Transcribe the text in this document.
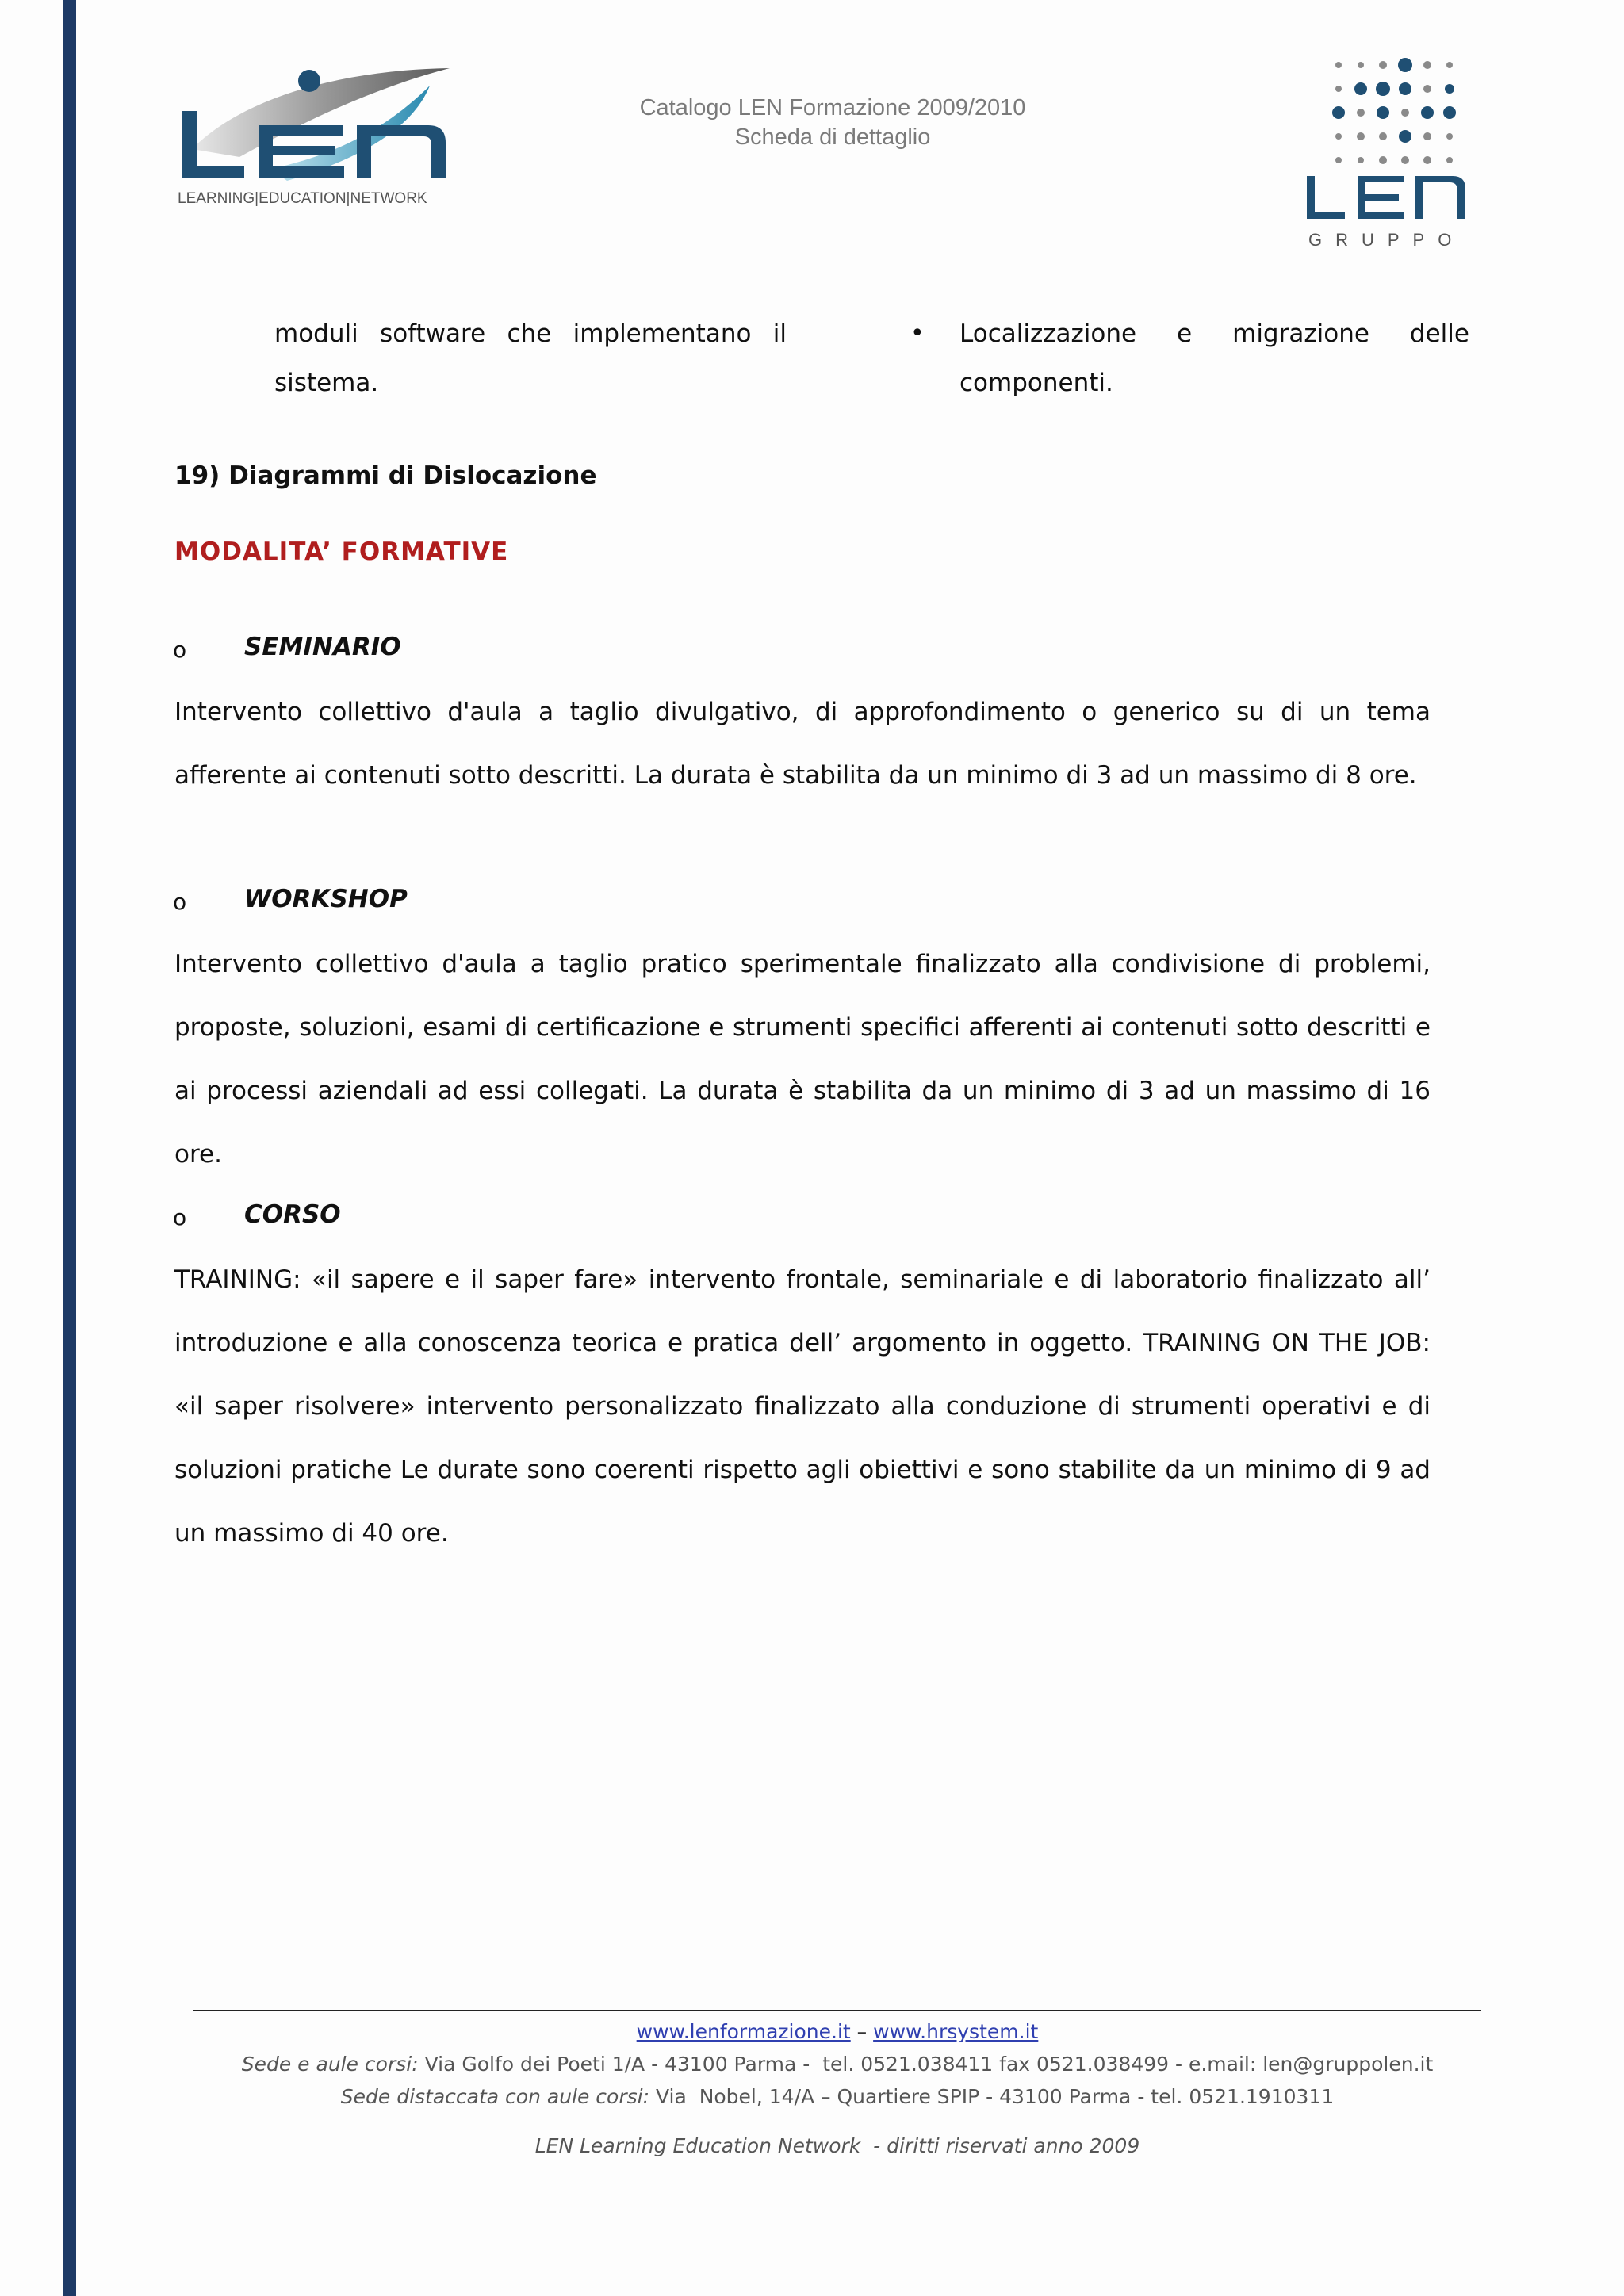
LEARNING|EDUCATION|NETWORK
Catalogo LEN Formazione 2009/2010
Scheda di dettaglio
GRUPPO
moduli software che implementano il sistema.
• Localizzazione e migrazione delle
componenti.
19) Diagrammi di Dislocazione
MODALITA’ FORMATIVE
o SEMINARIO
Intervento collettivo d'aula a taglio divulgativo, di approfondimento o generico su di un tema afferente ai contenuti sotto descritti. La durata è stabilita da un minimo di 3 ad un massimo di 8 ore.
o WORKSHOP
Intervento collettivo d'aula a taglio pratico sperimentale finalizzato alla condivisione di problemi, proposte, soluzioni, esami di certificazione e strumenti specifici afferenti ai contenuti sotto descritti e ai processi aziendali ad essi collegati. La durata è stabilita da un minimo di 3 ad un massimo di 16 ore.
o CORSO
TRAINING: «il sapere e il saper fare» intervento frontale, seminariale e di laboratorio finalizzato all’ introduzione e alla conoscenza teorica e pratica dell’ argomento in oggetto. TRAINING ON THE JOB: «il saper risolvere» intervento personalizzato finalizzato alla conduzione di strumenti operativi e di soluzioni pratiche Le durate sono coerenti rispetto agli obiettivi e sono stabilite da un minimo di 9 ad un massimo di 40 ore.
www.lenformazione.it – www.hrsystem.it
Sede e aule corsi: Via Golfo dei Poeti 1/A - 43100 Parma -  tel. 0521.038411 fax 0521.038499 - e.mail: len@gruppolen.it
Sede distaccata con aule corsi: Via  Nobel, 14/A – Quartiere SPIP - 43100 Parma - tel. 0521.1910311
LEN Learning Education Network  - diritti riservati anno 2009
